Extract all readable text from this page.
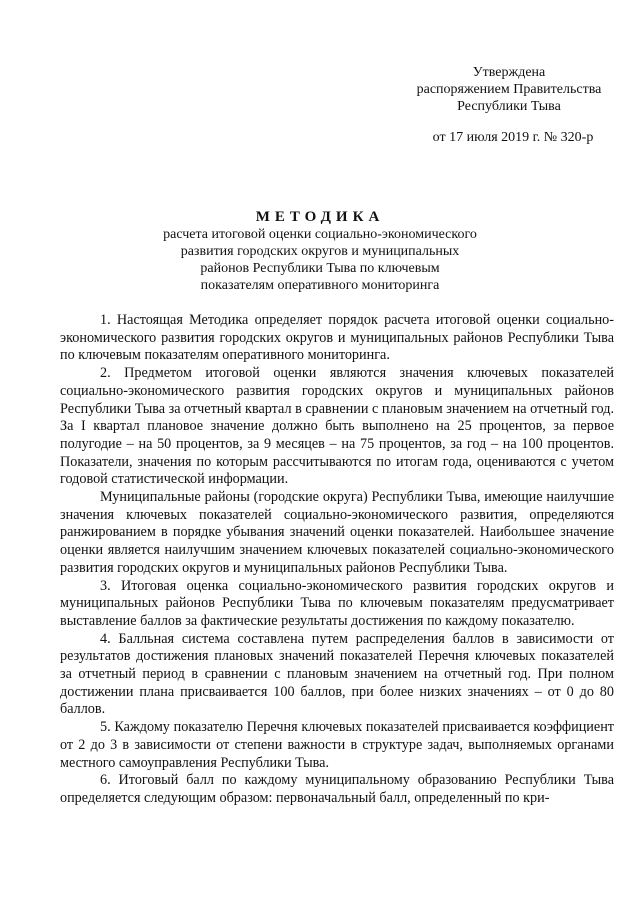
Утверждена
распоряжением Правительства
Республики Тыва
от 17 июля 2019 г. № 320-р
МЕТОДИКА
расчета итоговой оценки социально-экономического
развития городских округов и муниципальных
районов Республики Тыва по ключевым
показателям оперативного мониторинга

1. Настоящая Методика определяет порядок расчета итоговой оценки социально-экономического развития городских округов и муниципальных районов Республики Тыва по ключевым показателям оперативного мониторинга.

2. Предметом итоговой оценки являются значения ключевых показателей социально-экономического развития городских округов и муниципальных районов Республики Тыва за отчетный квартал в сравнении с плановым значением на отчетный год. За I квартал плановое значение должно быть выполнено на 25 процентов, за первое полугодие – на 50 процентов, за 9 месяцев – на 75 процентов, за год – на 100 процентов. Показатели, значения по которым рассчитываются по итогам года, оцениваются с учетом годовой статистической информации.

Муниципальные районы (городские округа) Республики Тыва, имеющие наилучшие значения ключевых показателей социально-экономического развития, определяются ранжированием в порядке убывания значений оценки показателей. Наибольшее значение оценки является наилучшим значением ключевых показателей социально-экономического развития городских округов и муниципальных районов Республики Тыва.

3. Итоговая оценка социально-экономического развития городских округов и муниципальных районов Республики Тыва по ключевым показателям предусматривает выставление баллов за фактические результаты достижения по каждому показателю.

4. Балльная система составлена путем распределения баллов в зависимости от результатов достижения плановых значений показателей Перечня ключевых показателей за отчетный период в сравнении с плановым значением на отчетный год. При полном достижении плана присваивается 100 баллов, при более низких значениях – от 0 до 80 баллов.

5. Каждому показателю Перечня ключевых показателей присваивается коэффициент от 2 до 3 в зависимости от степени важности в структуре задач, выполняемых органами местного самоуправления Республики Тыва.

6. Итоговый балл по каждому муниципальному образованию Республики Тыва определяется следующим образом: первоначальный балл, определенный по кри-
